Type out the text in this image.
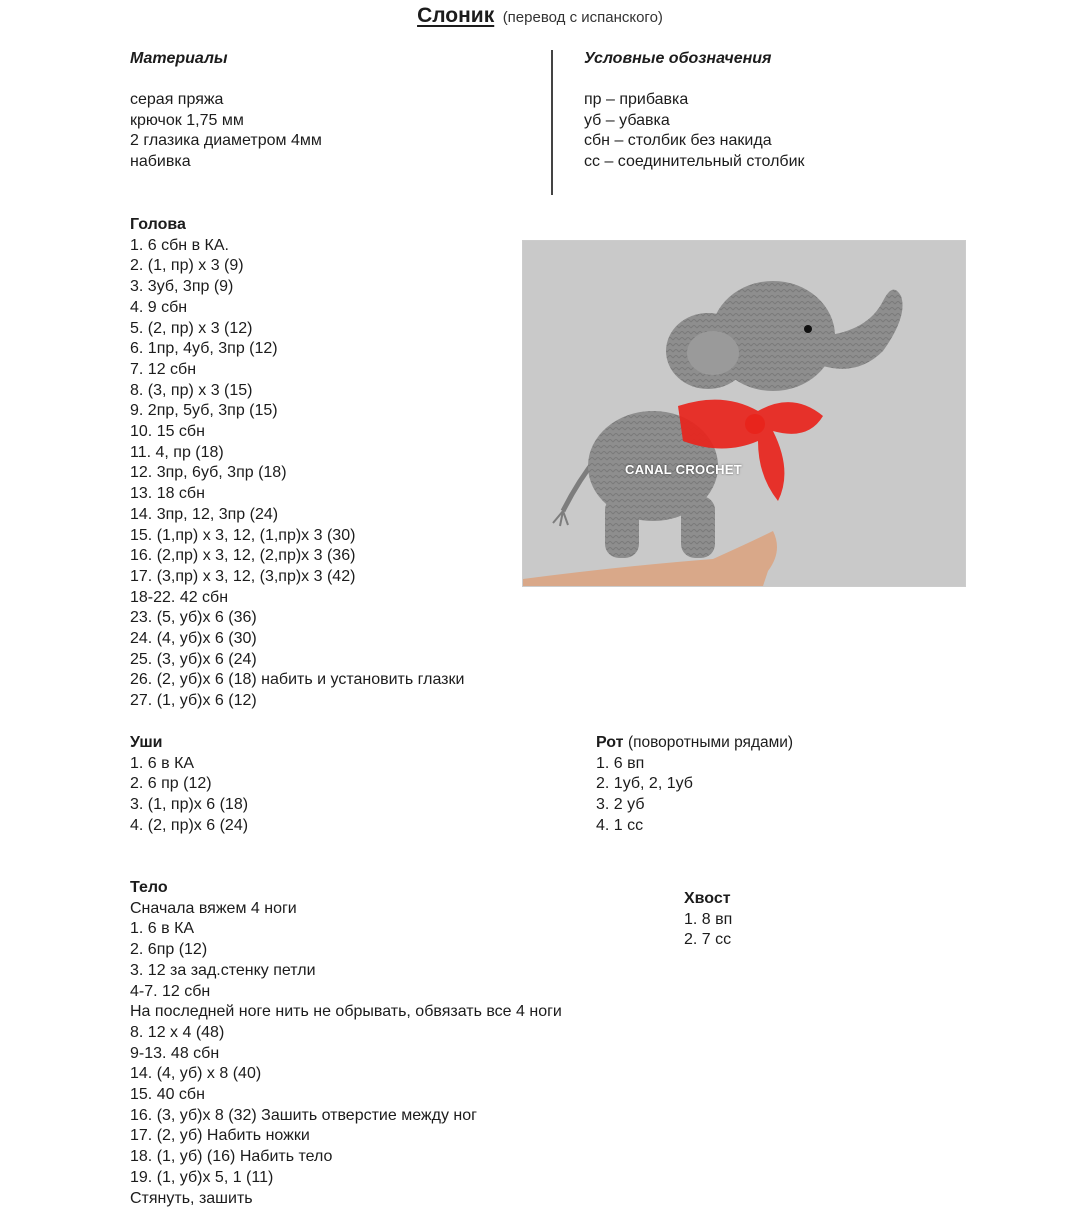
Слоник (перевод с испанского)
Материалы
серая пряжа
крючок 1,75 мм
2 глазика диаметром 4мм
набивка
Условные обозначения
пр – прибавка
уб – убавка
сбн – столбик без накида
сс – соединительный столбик
Голова
1. 6 сбн в КА.
2. (1, пр) х 3 (9)
3. 3уб, 3пр (9)
4. 9 сбн
5. (2, пр) х 3 (12)
6. 1пр, 4уб, 3пр (12)
7. 12 сбн
8. (3, пр) х 3 (15)
9. 2пр, 5уб, 3пр (15)
10. 15 сбн
11. 4, пр (18)
12. 3пр, 6уб, 3пр (18)
13. 18 сбн
14. 3пр, 12, 3пр (24)
15. (1,пр) х 3, 12, (1,пр)х 3 (30)
16. (2,пр) х 3, 12, (2,пр)х 3 (36)
17. (3,пр) х 3, 12, (3,пр)х 3 (42)
18-22. 42 сбн
23. (5, уб)х 6 (36)
24. (4, уб)х 6 (30)
25. (3, уб)х 6 (24)
26. (2, уб)х 6 (18) набить и установить глазки
27. (1, уб)х 6 (12)
CANAL CROCHET
Уши
1. 6 в КА
2. 6 пр (12)
3. (1, пр)х 6 (18)
4. (2, пр)х 6 (24)
Рот (поворотными рядами)
1. 6 вп
2. 1уб, 2, 1уб
3. 2 уб
4. 1 сс
Тело
Сначала вяжем 4 ноги
1. 6 в КА
2. 6пр (12)
3. 12 за зад.стенку петли
4-7. 12 сбн
На последней ноге нить не обрывать, обвязать все 4 ноги
8. 12 х 4 (48)
9-13. 48 сбн
14. (4, уб) х 8 (40)
15. 40 сбн
16. (3, уб)х 8 (32) Зашить отверстие между ног
17. (2, уб) Набить ножки
18. (1, уб) (16) Набить тело
19. (1, уб)х 5, 1 (11)
Стянуть, зашить
Хвост
1. 8 вп
2. 7 сс
